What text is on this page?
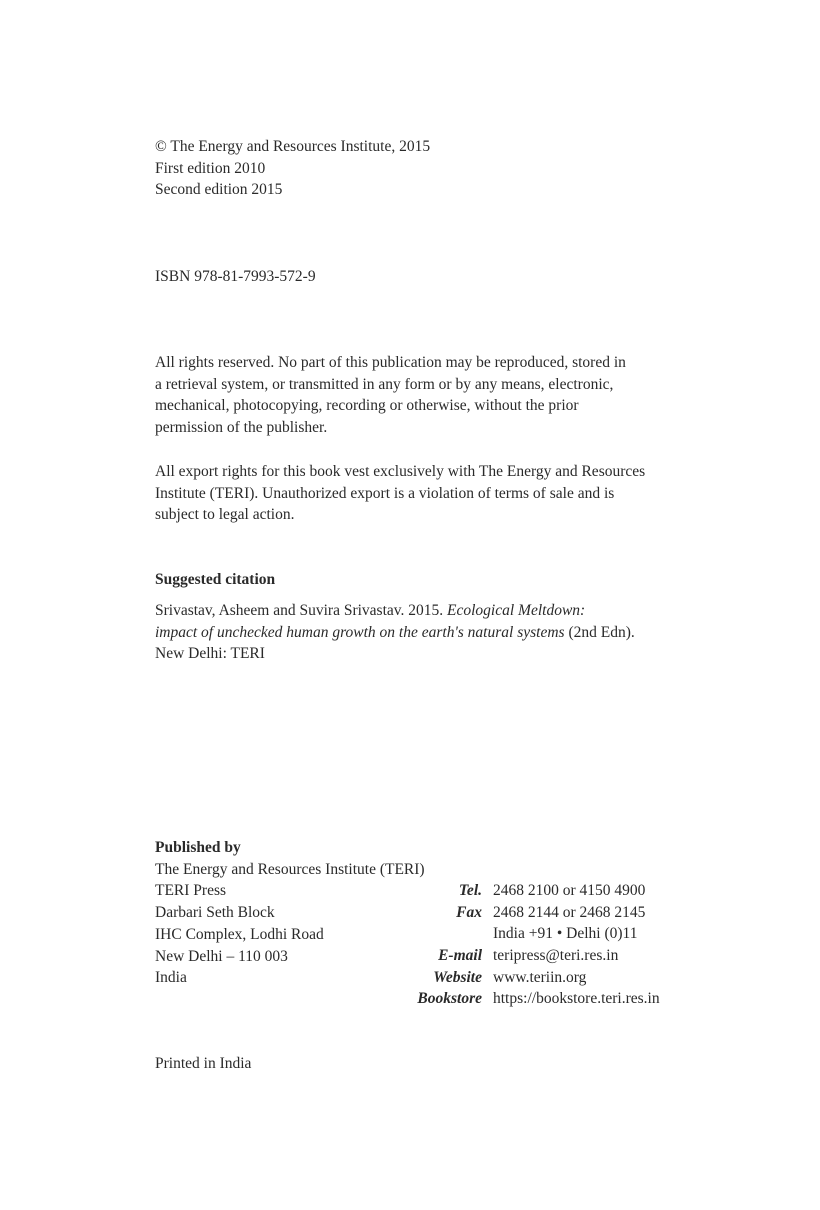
© The Energy and Resources Institute, 2015
First edition 2010
Second edition 2015
ISBN 978-81-7993-572-9
All rights reserved. No part of this publication may be reproduced, stored in
a retrieval system, or transmitted in any form or by any means, electronic,
mechanical, photocopying, recording or otherwise, without the prior
permission of the publisher.
All export rights for this book vest exclusively with The Energy and Resources
Institute (TERI). Unauthorized export is a violation of terms of sale and is
subject to legal action.
Suggested citation
Srivastav, Asheem and Suvira Srivastav. 2015. Ecological Meltdown:
impact of unchecked human growth on the earth's natural systems (2nd Edn).
New Delhi: TERI
Published by
The Energy and Resources Institute (TERI)
TERI Press
Darbari Seth Block
IHC Complex, Lodhi Road
New Delhi – 110 003
India
Tel. 2468 2100 or 4150 4900
Fax 2468 2144 or 2468 2145
India +91 • Delhi (0)11
E-mail teripress@teri.res.in
Website www.teriin.org
Bookstore https://bookstore.teri.res.in
Printed in India
